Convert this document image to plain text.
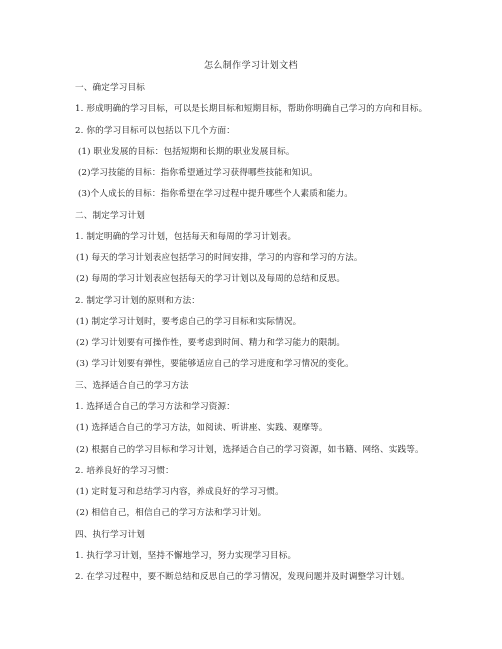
怎么制作学习计划文档
一、确定学习目标
1. 形成明确的学习目标，可以是长期目标和短期目标，帮助你明确自己学习的方向和目标。
2. 你的学习目标可以包括以下几个方面：
(1) 职业发展的目标：包括短期和长期的职业发展目标。
(2)学习技能的目标：指你希望通过学习获得哪些技能和知识。
(3)个人成长的目标：指你希望在学习过程中提升哪些个人素质和能力。
二、制定学习计划
1. 制定明确的学习计划，包括每天和每周的学习计划表。
(1) 每天的学习计划表应包括学习的时间安排，学习的内容和学习的方法。
(2) 每周的学习计划表应包括每天的学习计划以及每周的总结和反思。
2. 制定学习计划的原则和方法：
(1) 制定学习计划时，要考虑自己的学习目标和实际情况。
(2) 学习计划要有可操作性，要考虑到时间、精力和学习能力的限制。
(3) 学习计划要有弹性，要能够适应自己的学习进度和学习情况的变化。
三、选择适合自己的学习方法
1. 选择适合自己的学习方法和学习资源：
(1) 选择适合自己的学习方法，如阅读、听讲座、实践、观摩等。
(2) 根据自己的学习目标和学习计划，选择适合自己的学习资源，如书籍、网络、实践等。
2. 培养良好的学习习惯：
(1) 定时复习和总结学习内容，养成良好的学习习惯。
(2) 相信自己，相信自己的学习方法和学习计划。
四、执行学习计划
1. 执行学习计划，坚持不懈地学习，努力实现学习目标。
2. 在学习过程中，要不断总结和反思自己的学习情况，发现问题并及时调整学习计划。
